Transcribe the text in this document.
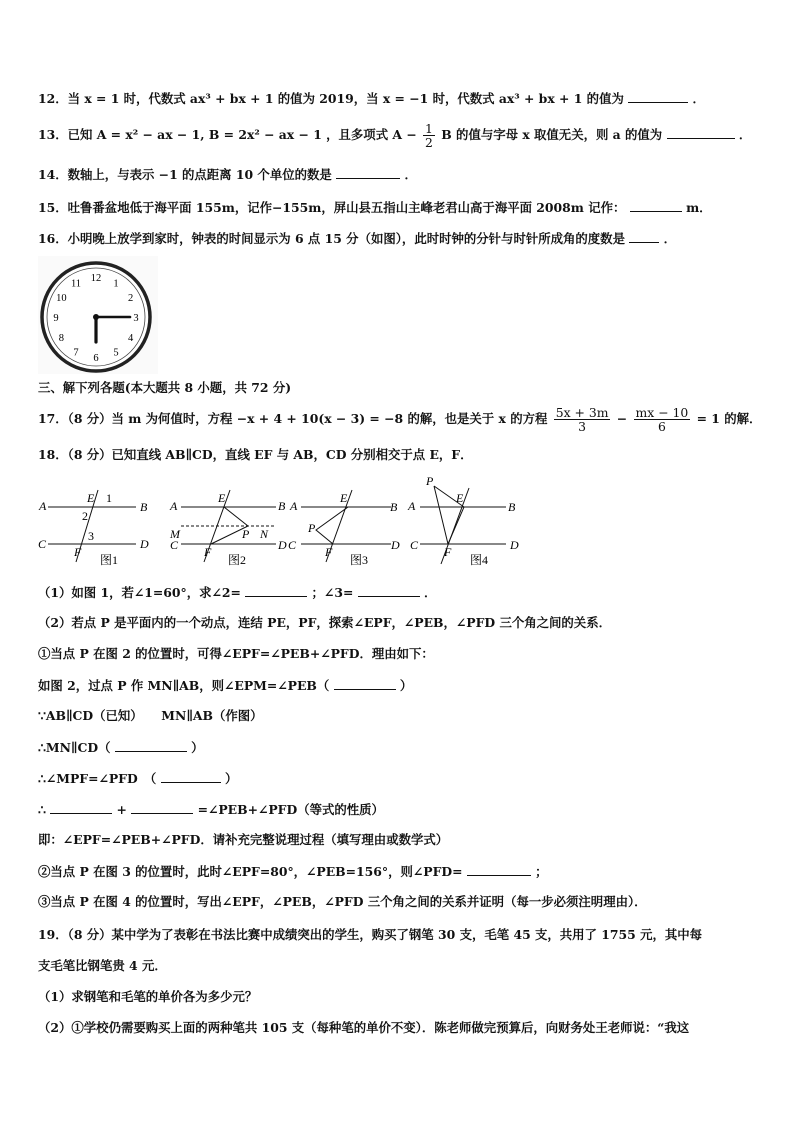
12．当 x = 1 时，代数式 ax³ + bx + 1 的值为 2019，当 x = −1 时，代数式 ax³ + bx + 1 的值为	．
13．已知 A = x² − ax − 1, B = 2x² − ax − 1 ，且多项式 $A - \frac{1}{2}$ B 的值与字母 x 取值无关，则 a 的值为	．
14．数轴上，与表示 −1 的点距离 10 个单位的数是	．
15．吐鲁番盆地低于海平面 155m，记作−155m，屏山县五指山主峰老君山高于海平面 2008m 记作：	m．
16．小明晚上放学到家时，钟表的时间显示为 6 点 15 分（如图），此时时钟的分针与时针所成角的度数是	．
12 1
2
3
4
5
6
7
8
9
10
11
三、解下列各题(本大题共 8 小题，共 72 分)
17．（8 分）当 m 为何值时，方程 −x + 4 + 10(x − 3) = −8 的解，也是关于 x 的方程 $\frac{5x + 3m}{3} - \frac{mx - 10}{6} = 1$ 的解．
18．（8 分）已知直线 AB∥CD，直线 EF 与 AB，CD 分别相交于点 E，F．
A	B
C	D
E
F
1
2
3
图1
A	B
M	P N
C	D
E
F
图2
A	B
C	D
P
E
F
图3
A	B
C	D
P
E
F
图4
（1）如图 1，若∠1=60°，求∠2=	；∠3=	．
（2）若点 P 是平面内的一个动点，连结 PE，PF，探索∠EPF，∠PEB，∠PFD 三个角之间的关系．
①当点 P 在图 2 的位置时，可得∠EPF=∠PEB+∠PFD．理由如下：
如图 2，过点 P 作 MN∥AB，则∠EPM=∠PEB（	）
∵AB∥CD（已知）　　MN∥AB（作图）
∴MN∥CD（	）
∴∠MPF=∠PFD　（	）
∴	+	=∠PEB+∠PFD（等式的性质）
即：∠EPF=∠PEB+∠PFD．请补充完整说理过程（填写理由或数学式）
②当点 P 在图 3 的位置时，此时∠EPF=80°，∠PEB=156°，则∠PFD=	；
③当点 P 在图 4 的位置时，写出∠EPF，∠PEB，∠PFD 三个角之间的关系并证明（每一步必须注明理由）．
19．（8 分）某中学为了表彰在书法比赛中成绩突出的学生，购买了钢笔 30 支，毛笔 45 支，共用了 1755 元，其中每
支毛笔比钢笔贵 4 元．
（1）求钢笔和毛笔的单价各为多少元？
（2）①学校仍需要购买上面的两种笔共 105 支（每种笔的单价不变）．陈老师做完预算后，向财务处王老师说：“我这
